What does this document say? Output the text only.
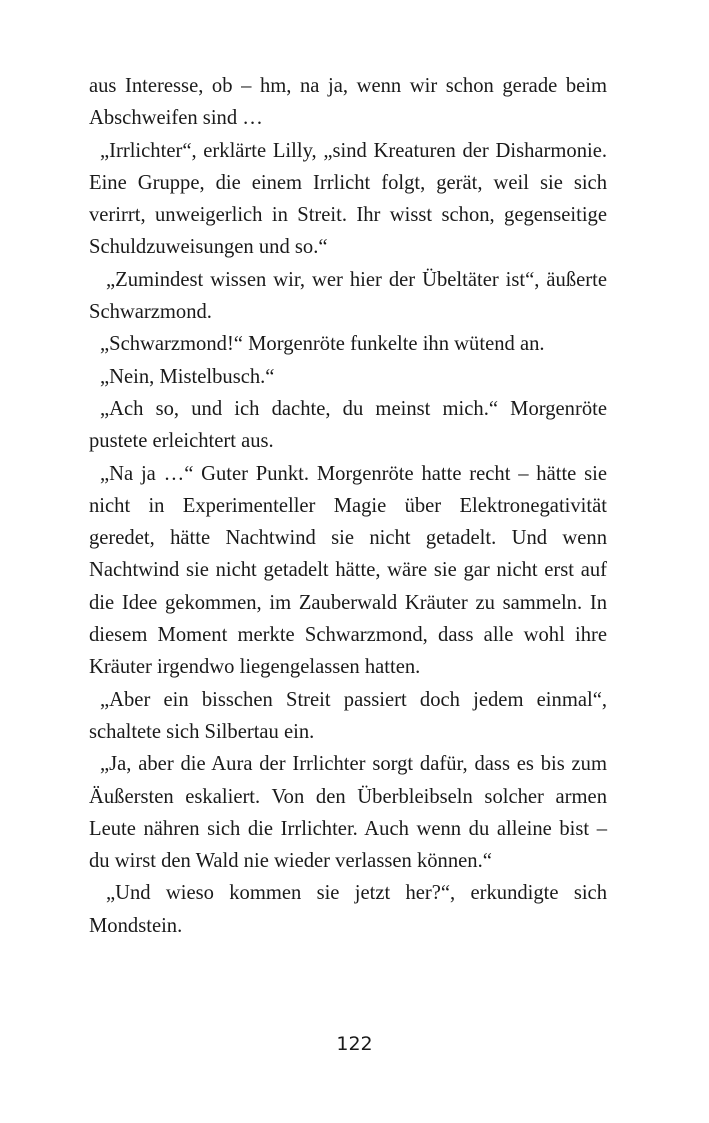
aus Interesse, ob – hm, na ja, wenn wir schon gerade beim Abschweifen sind …

„Irrlichter“, erklärte Lilly, „sind Kreaturen der Disharmonie. Eine Gruppe, die einem Irrlicht folgt, gerät, weil sie sich verirrt, unweigerlich in Streit. Ihr wisst schon, gegenseitige Schuldzuweisungen und so.“

„Zumindest wissen wir, wer hier der Übeltäter ist“, äußerte Schwarzmond.

„Schwarzmond!“ Morgenröte funkelte ihn wütend an.

„Nein, Mistelbusch.“

„Ach so, und ich dachte, du meinst mich.“ Morgenröte pustete erleichtert aus.

„Na ja …“ Guter Punkt. Morgenröte hatte recht – hätte sie nicht in Experimenteller Magie über Elektronegativität geredet, hätte Nachtwind sie nicht getadelt. Und wenn Nachtwind sie nicht getadelt hätte, wäre sie gar nicht erst auf die Idee gekommen, im Zauberwald Kräuter zu sammeln. In diesem Moment merkte Schwarzmond, dass alle wohl ihre Kräuter irgendwo liegengelassen hatten.

„Aber ein bisschen Streit passiert doch jedem einmal“, schaltete sich Silbertau ein.

„Ja, aber die Aura der Irrlichter sorgt dafür, dass es bis zum Äußersten eskaliert. Von den Überbleibseln solcher armen Leute nähren sich die Irrlichter. Auch wenn du alleine bist – du wirst den Wald nie wieder verlassen können.“

„Und wieso kommen sie jetzt her?“, erkundigte sich Mondstein.

122
